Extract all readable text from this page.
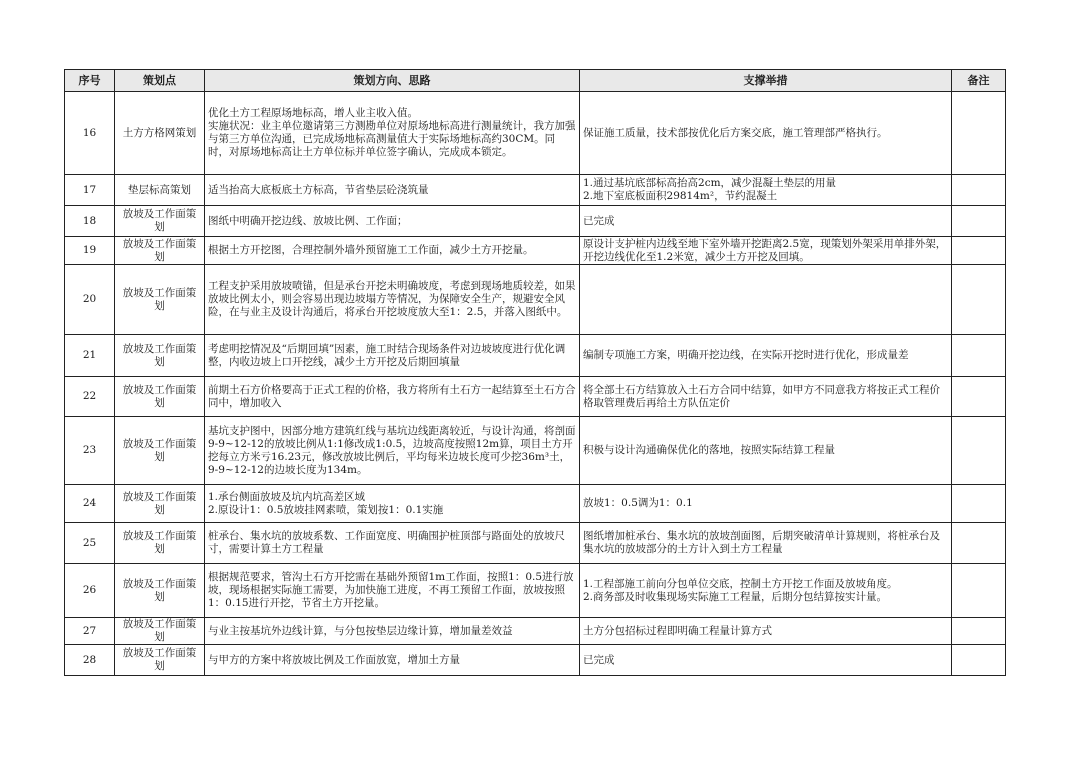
序号	策划点	策划方向、思路	支撑举措	备注
16	土方方格网策划	优化土方工程原场地标高，增人业主收入值。
实施状况：业主单位邀请第三方测勘单位对原场地标高进行测量统计，我方加强与第三方单位沟通，已完成场地标高测量值大于实际场地标高约30CM。同时，对原场地标高让土方单位标并单位签字确认，完成成本锁定。	保证施工质量，技术部按优化后方案交底，施工管理部严格执行。	
17	垫层标高策划	适当抬高大底板底土方标高，节省垫层砼浇筑量	1.通过基坑底部标高抬高2cm，减少混凝土垫层的用量
2.地下室底板面积29814m²，节约混凝土	
18	放坡及工作面策划	图纸中明确开挖边线、放坡比例、工作面；	已完成	
19	放坡及工作面策划	根据土方开挖图，合理控制外墙外预留施工工作面，减少土方开挖量。	原设计支护桩内边线至地下室外墙开挖距离2.5宽，现策划外架采用单排外架，开挖边线优化至1.2米宽，减少土方开挖及回填。	
20	放坡及工作面策划	工程支护采用放坡喷锚，但是承台开挖未明确坡度，考虑到现场地质较差，如果放坡比例太小，则会容易出现边坡塌方等情况，为保障安全生产，规避安全风险，在与业主及设计沟通后，将承台开挖坡度放大至1：2.5，并落入图纸中。		
21	放坡及工作面策划	考虑明挖情况及“后期回填”因素，施工时结合现场条件对边坡坡度进行优化调整，内收边坡上口开挖线，减少土方开挖及后期回填量	编制专项施工方案，明确开挖边线，在实际开挖时进行优化，形成量差	
22	放坡及工作面策划	前期土石方价格要高于正式工程的价格，我方将所有土石方一起结算至土石方合同中，增加收入	将全部土石方结算放入土石方合同中结算，如甲方不同意我方将按正式工程价格取管理费后再给土方队伍定价	
23	放坡及工作面策划	基坑支护图中，因部分地方建筑红线与基坑边线距离较近，与设计沟通，将剖面9-9~12-12的放坡比例从1:1修改成1:0.5，边坡高度按照12m算，项目土方开挖每立方米亏16.23元，修改放坡比例后，平均每米边坡长度可少挖36m³土，9-9~12-12的边坡长度为134m。	积极与设计沟通确保优化的落地，按照实际结算工程量	
24	放坡及工作面策划	1.承台侧面放坡及坑内坑高差区域
2.原设计1：0.5放坡挂网素喷，策划按1：0.1实施	放坡1：0.5调为1：0.1	
25	放坡及工作面策划	桩承台、集水坑的放坡系数、工作面宽度、明确围护桩顶部与路面处的放坡尺寸，需要计算土方工程量	图纸增加桩承台、集水坑的放坡剖面图，后期突破清单计算规则，将桩承台及集水坑的放坡部分的土方计入到土方工程量	
26	放坡及工作面策划	根据规范要求，管沟土石方开挖需在基础外预留1m工作面，按照1：0.5进行放坡，现场根据实际施工需要，为加快施工进度，不再工预留工作面，放坡按照1：0.15进行开挖，节省土方开挖量。	1.工程部施工前向分包单位交底，控制土方开挖工作面及放坡角度。
2.商务部及时收集现场实际施工工程量，后期分包结算按实计量。	
27	放坡及工作面策划	与业主按基坑外边线计算，与分包按垫层边缘计算，增加量差效益	土方分包招标过程即明确工程量计算方式	
28	放坡及工作面策划	与甲方的方案中将放坡比例及工作面放宽，增加土方量	已完成	
